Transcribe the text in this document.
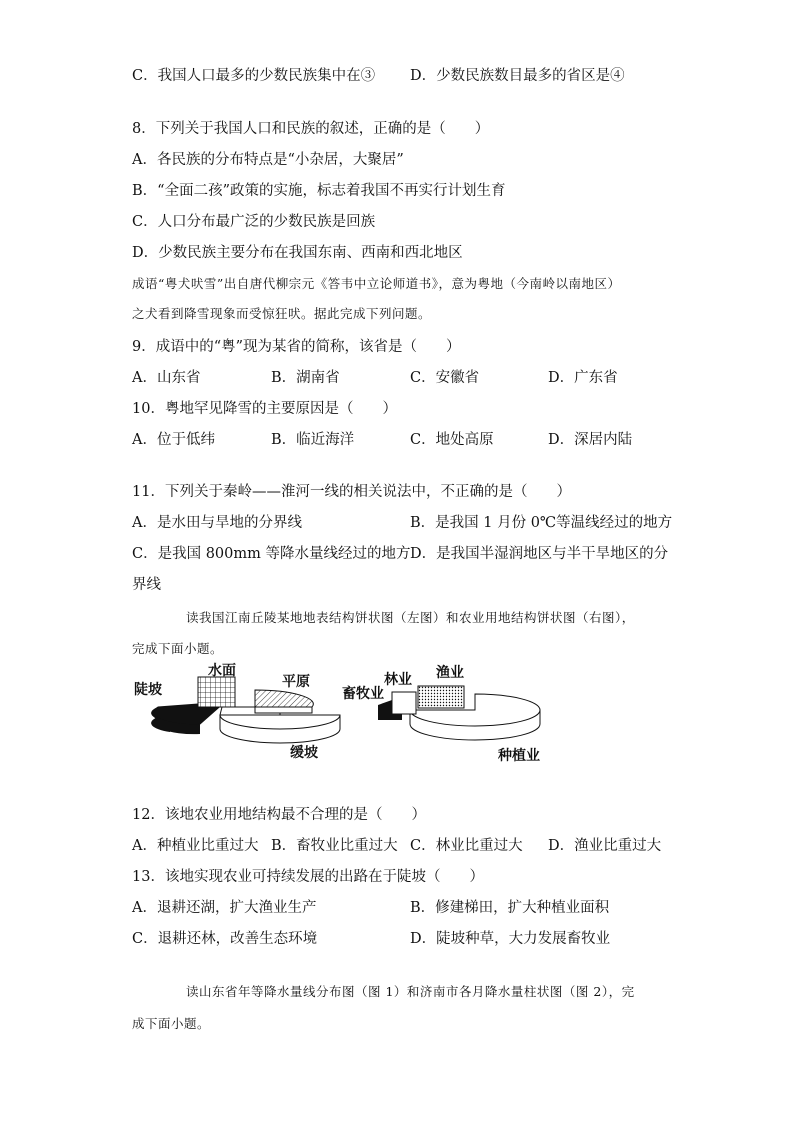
C．我国人口最多的少数民族集中在③ D．少数民族数目最多的省区是④
8．下列关于我国人口和民族的叙述，正确的是（　　）
A．各民族的分布特点是“小杂居，大聚居”
B．“全面二孩”政策的实施，标志着我国不再实行计划生育
C．人口分布最广泛的少数民族是回族
D．少数民族主要分布在我国东南、西南和西北地区
成语“粤犬吠雪”出自唐代柳宗元《答韦中立论师道书》，意为粤地（今南岭以南地区）
之犬看到降雪现象而受惊狂吠。据此完成下列问题。
9．成语中的“粤”现为某省的简称，该省是（　　）
A．山东省	B．湖南省	C．安徽省	D．广东省
10．粤地罕见降雪的主要原因是（　　）
A．位于低纬	B．临近海洋	C．地处高原	D．深居内陆
11．下列关于秦岭——淮河一线的相关说法中，不正确的是（　　）
A．是水田与旱地的分界线	B．是我国 1 月份 0℃等温线经过的地方
C．是我国 800mm 等降水量线经过的地方 D．是我国半湿润地区与半干旱地区的分
界线
读我国江南丘陵某地地表结构饼状图（左图）和农业用地结构饼状图（右图），
完成下面小题。
陡坡
水面
平原
缓坡
畜牧业
林业 渔业
种植业
12．该地农业用地结构最不合理的是（　　）
A．种植业比重过大 B．畜牧业比重过大 C．林业比重过大 D．渔业比重过大
13．该地实现农业可持续发展的出路在于陡坡（　　）
A．退耕还湖，扩大渔业生产	B．修建梯田，扩大种植业面积
C．退耕还林，改善生态环境	D．陡坡种草，大力发展畜牧业
读山东省年等降水量线分布图（图 1）和济南市各月降水量柱状图（图 2），完
成下面小题。
